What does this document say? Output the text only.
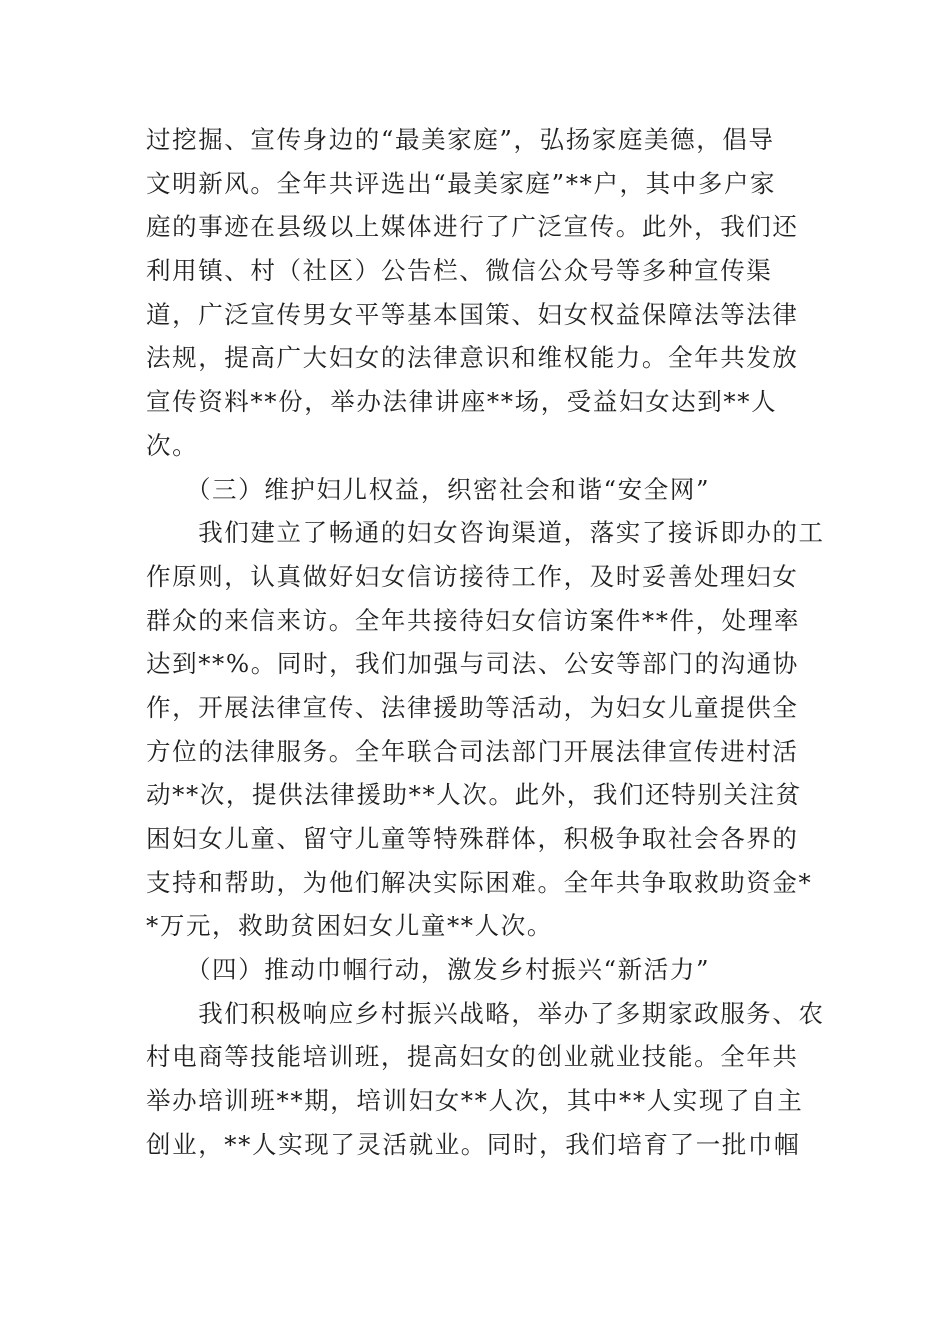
过挖掘、宣传身边的“最美家庭”，弘扬家庭美德，倡导
文明新风。全年共评选出“最美家庭”**户，其中多户家
庭的事迹在县级以上媒体进行了广泛宣传。此外，我们还
利用镇、村（社区）公告栏、微信公众号等多种宣传渠
道，广泛宣传男女平等基本国策、妇女权益保障法等法律
法规，提高广大妇女的法律意识和维权能力。全年共发放
宣传资料**份，举办法律讲座**场，受益妇女达到**人
次。
　　（三）维护妇儿权益，织密社会和谐“安全网”
　　我们建立了畅通的妇女咨询渠道，落实了接诉即办的工
作原则，认真做好妇女信访接待工作，及时妥善处理妇女
群众的来信来访。全年共接待妇女信访案件**件，处理率
达到**%。同时，我们加强与司法、公安等部门的沟通协
作，开展法律宣传、法律援助等活动，为妇女儿童提供全
方位的法律服务。全年联合司法部门开展法律宣传进村活
动**次，提供法律援助**人次。此外，我们还特别关注贫
困妇女儿童、留守儿童等特殊群体，积极争取社会各界的
支持和帮助，为他们解决实际困难。全年共争取救助资金*
*万元，救助贫困妇女儿童**人次。
　　（四）推动巾帼行动，激发乡村振兴“新活力”
　　我们积极响应乡村振兴战略，举办了多期家政服务、农
村电商等技能培训班，提高妇女的创业就业技能。全年共
举办培训班**期，培训妇女**人次，其中**人实现了自主
创业，**人实现了灵活就业。同时，我们培育了一批巾帼
